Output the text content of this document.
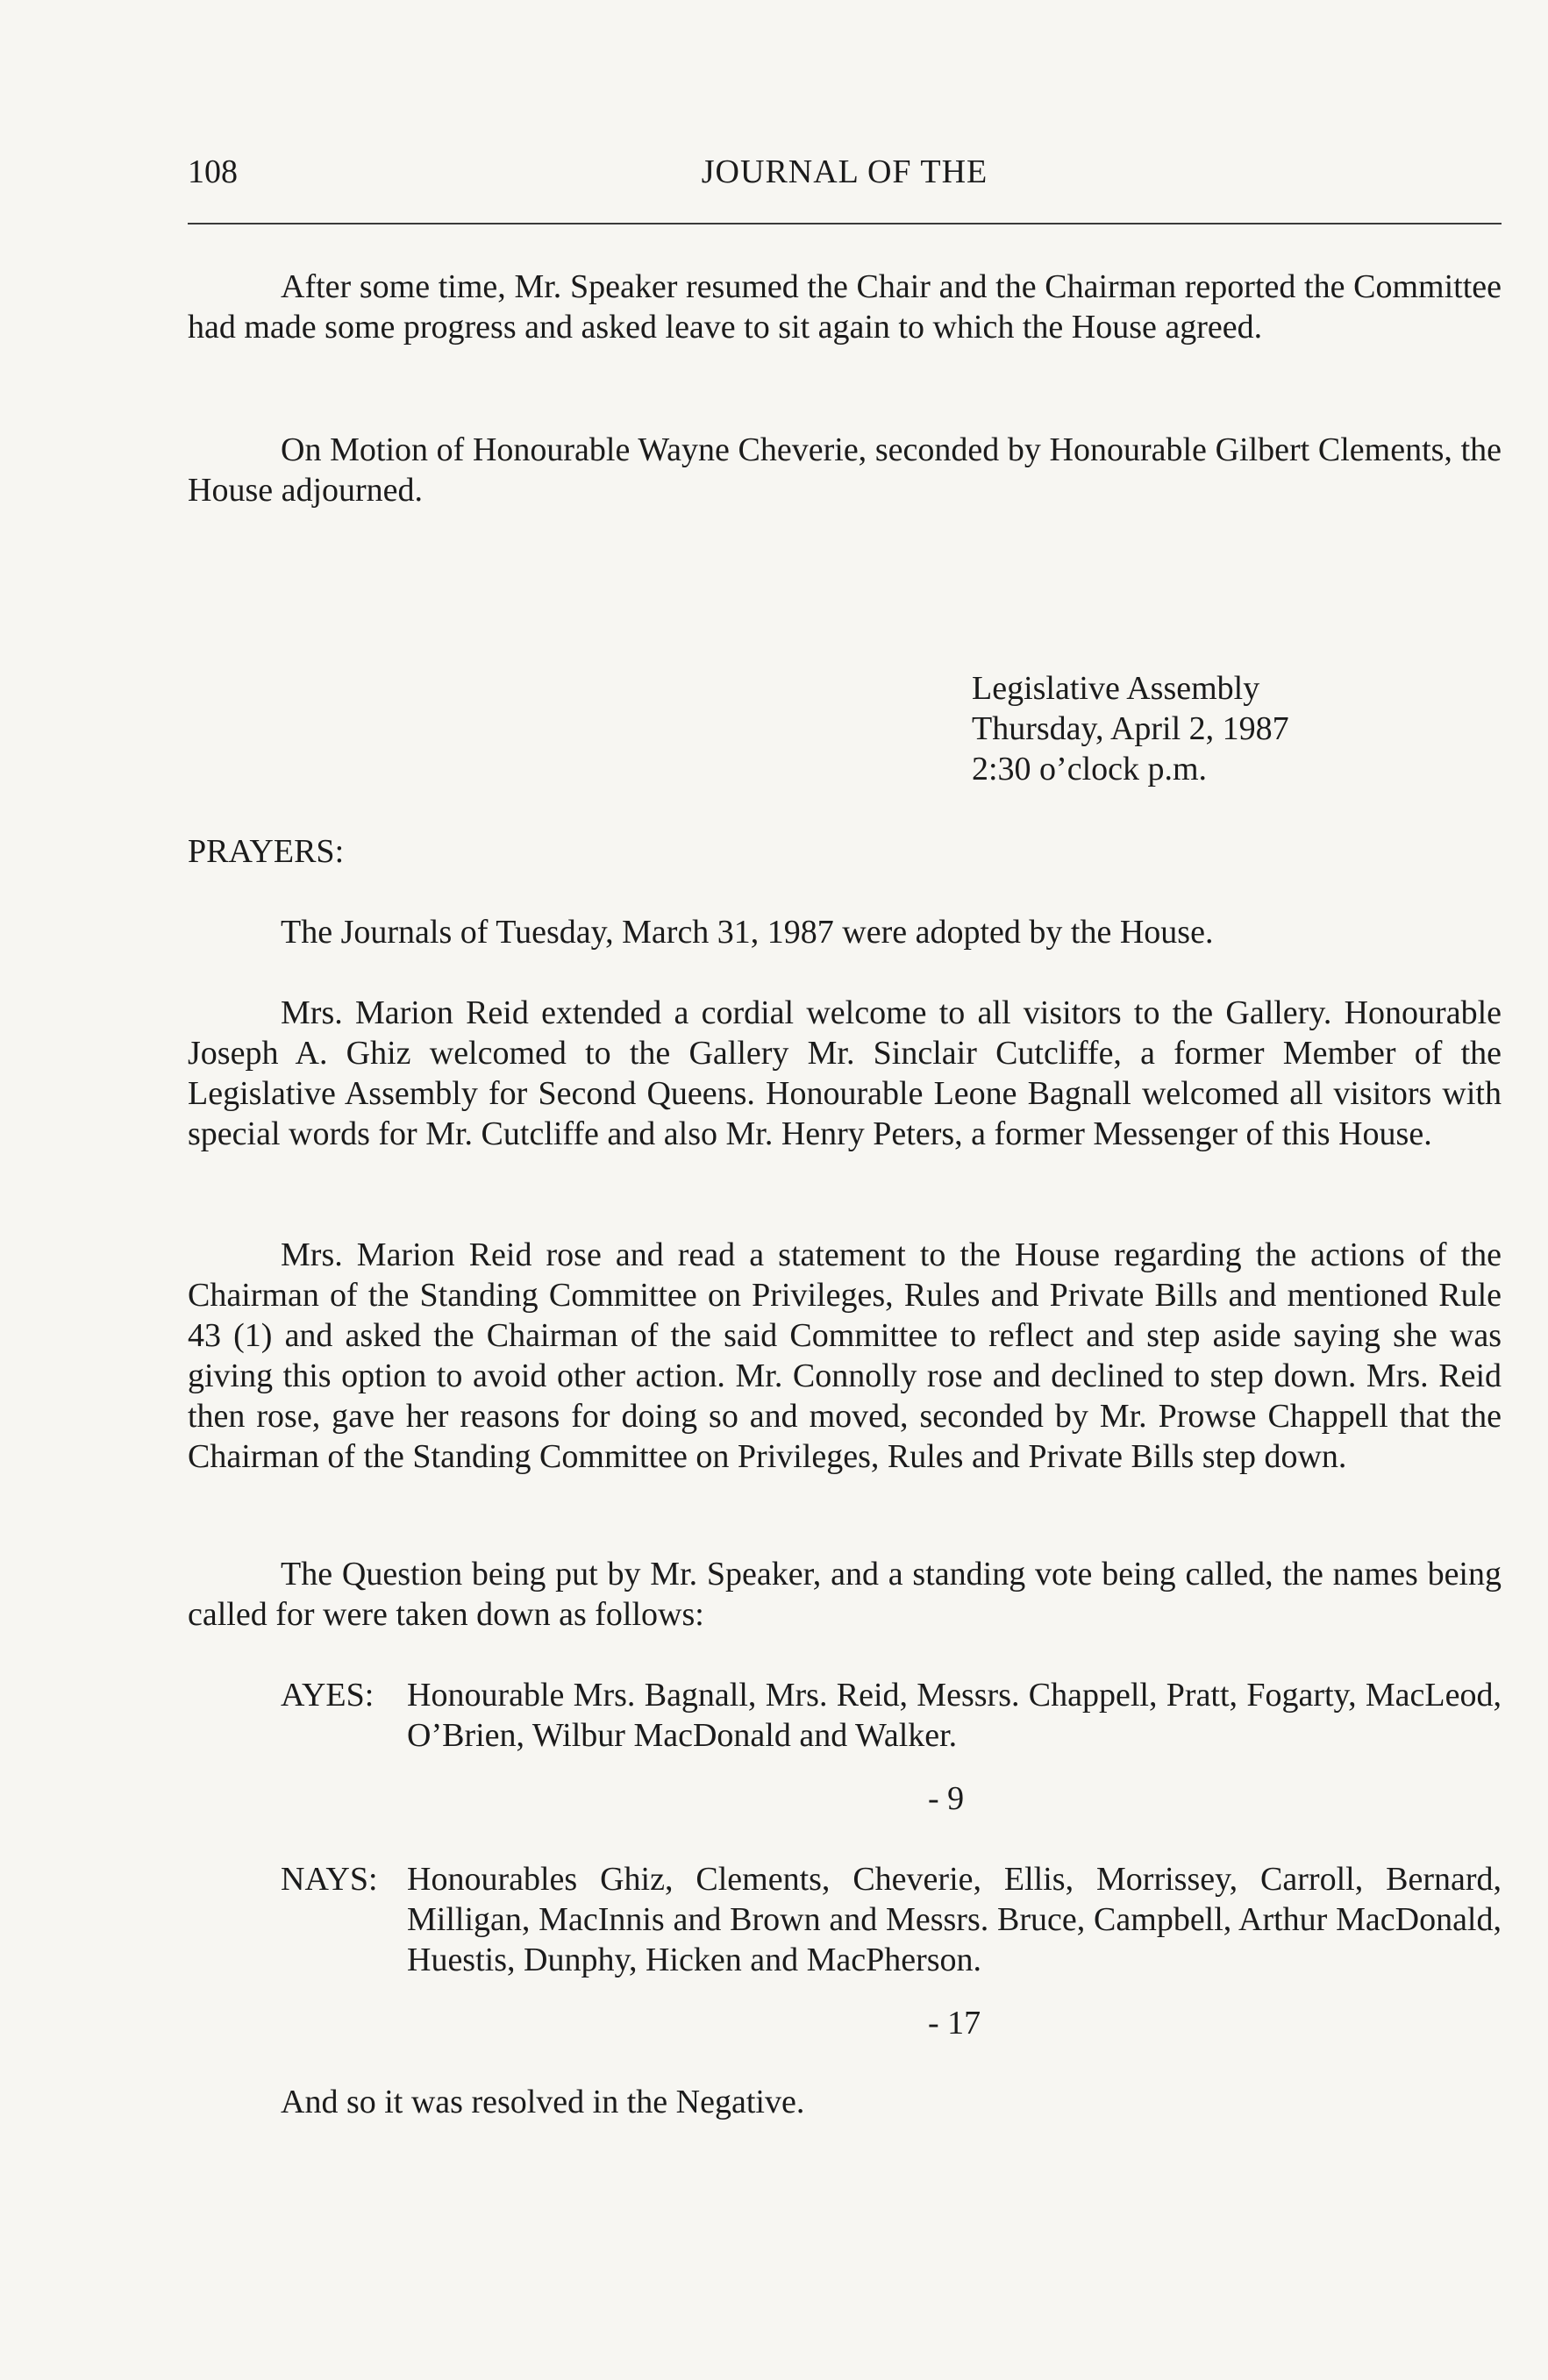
108	JOURNAL OF THE

After some time, Mr. Speaker resumed the Chair and the Chairman reported the Committee had made some progress and asked leave to sit again to which the House agreed.

On Motion of Honourable Wayne Cheverie, seconded by Honourable Gilbert Clements, the House adjourned.

Legislative Assembly
Thursday, April 2, 1987
2:30 o’clock p.m.
PRAYERS:

The Journals of Tuesday, March 31, 1987 were adopted by the House.

Mrs. Marion Reid extended a cordial welcome to all visitors to the Gallery. Honourable Joseph A. Ghiz welcomed to the Gallery Mr. Sinclair Cutcliffe, a former Member of the Legislative Assembly for Second Queens. Honourable Leone Bagnall welcomed all visitors with special words for Mr. Cutcliffe and also Mr. Henry Peters, a former Messenger of this House.

Mrs. Marion Reid rose and read a statement to the House regarding the actions of the Chairman of the Standing Committee on Privileges, Rules and Private Bills and mentioned Rule 43 (1) and asked the Chairman of the said Committee to reflect and step aside saying she was giving this option to avoid other action. Mr. Connolly rose and declined to step down. Mrs. Reid then rose, gave her reasons for doing so and moved, seconded by Mr. Prowse Chappell that the Chairman of the Standing Committee on Privileges, Rules and Private Bills step down.

The Question being put by Mr. Speaker, and a standing vote being called, the names being called for were taken down as follows:

AYES: Honourable Mrs. Bagnall, Mrs. Reid, Messrs. Chappell, Pratt, Fogarty, MacLeod, O’Brien, Wilbur MacDonald and Walker.
- 9
NAYS: Honourables Ghiz, Clements, Cheverie, Ellis, Morrissey, Carroll, Bernard, Milligan, MacInnis and Brown and Messrs. Bruce, Campbell, Arthur MacDonald, Huestis, Dunphy, Hicken and MacPherson.
- 17
And so it was resolved in the Negative.
